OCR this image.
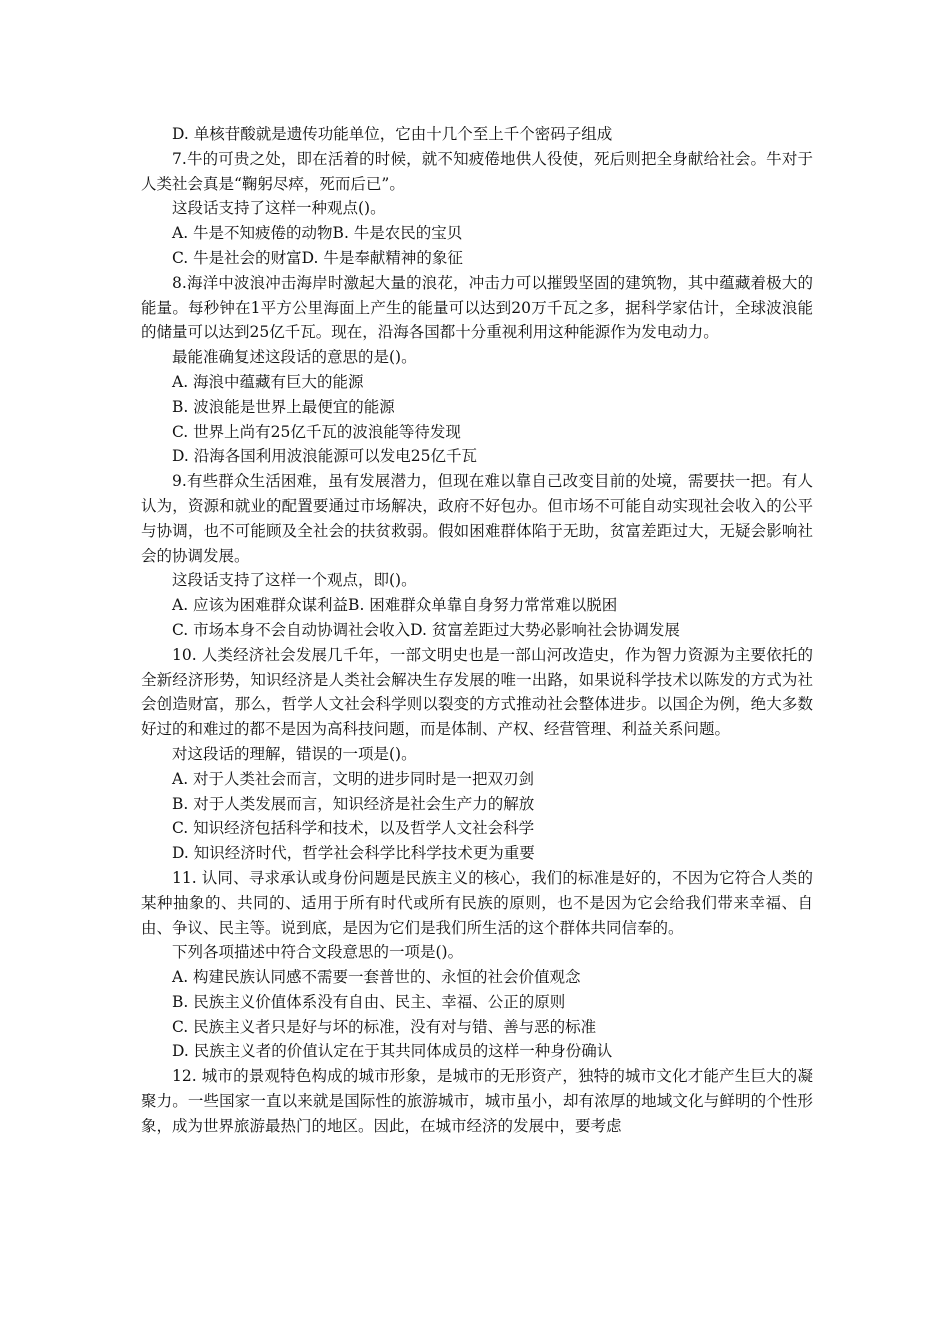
D. 单核苷酸就是遗传功能单位，它由十几个至上千个密码子组成

7.牛的可贵之处，即在活着的时候，就不知疲倦地供人役使，死后则把全身献给社会。牛对于人类社会真是“鞠躬尽瘁，死而后已”。

这段话支持了这样一种观点()。

A. 牛是不知疲倦的动物B. 牛是农民的宝贝

C. 牛是社会的财富D. 牛是奉献精神的象征

8.海洋中波浪冲击海岸时激起大量的浪花，冲击力可以摧毁坚固的建筑物，其中蕴藏着极大的能量。每秒钟在1平方公里海面上产生的能量可以达到20万千瓦之多，据科学家估计，全球波浪能的储量可以达到25亿千瓦。现在，沿海各国都十分重视利用这种能源作为发电动力。

最能准确复述这段话的意思的是()。

A. 海浪中蕴藏有巨大的能源

B. 波浪能是世界上最便宜的能源

C. 世界上尚有25亿千瓦的波浪能等待发现

D. 沿海各国利用波浪能源可以发电25亿千瓦

9.有些群众生活困难，虽有发展潜力，但现在难以靠自己改变目前的处境，需要扶一把。有人认为，资源和就业的配置要通过市场解决，政府不好包办。但市场不可能自动实现社会收入的公平与协调，也不可能顾及全社会的扶贫救弱。假如困难群体陷于无助，贫富差距过大，无疑会影响社会的协调发展。

这段话支持了这样一个观点，即()。

A. 应该为困难群众谋利益B. 困难群众单靠自身努力常常难以脱困

C. 市场本身不会自动协调社会收入D. 贫富差距过大势必影响社会协调发展

10. 人类经济社会发展几千年，一部文明史也是一部山河改造史，作为智力资源为主要依托的全新经济形势，知识经济是人类社会解决生存发展的唯一出路，如果说科学技术以陈发的方式为社会创造财富，那么，哲学人文社会科学则以裂变的方式推动社会整体进步。以国企为例，绝大多数好过的和难过的都不是因为高科技问题，而是体制、产权、经营管理、利益关系问题。

对这段话的理解，错误的一项是()。

A. 对于人类社会而言，文明的进步同时是一把双刃剑

B. 对于人类发展而言，知识经济是社会生产力的解放

C. 知识经济包括科学和技术，以及哲学人文社会科学

D. 知识经济时代，哲学社会科学比科学技术更为重要

11. 认同、寻求承认或身份问题是民族主义的核心，我们的标准是好的，不因为它符合人类的某种抽象的、共同的、适用于所有时代或所有民族的原则，也不是因为它会给我们带来幸福、自由、争议、民主等。说到底，是因为它们是我们所生活的这个群体共同信奉的。

下列各项描述中符合文段意思的一项是()。

A. 构建民族认同感不需要一套普世的、永恒的社会价值观念

B. 民族主义价值体系没有自由、民主、幸福、公正的原则

C. 民族主义者只是好与坏的标准，没有对与错、善与恶的标准

D. 民族主义者的价值认定在于其共同体成员的这样一种身份确认

12. 城市的景观特色构成的城市形象，是城市的无形资产，独特的城市文化才能产生巨大的凝聚力。一些国家一直以来就是国际性的旅游城市，城市虽小，却有浓厚的地域文化与鲜明的个性形象，成为世界旅游最热门的地区。因此，在城市经济的发展中，要考虑
